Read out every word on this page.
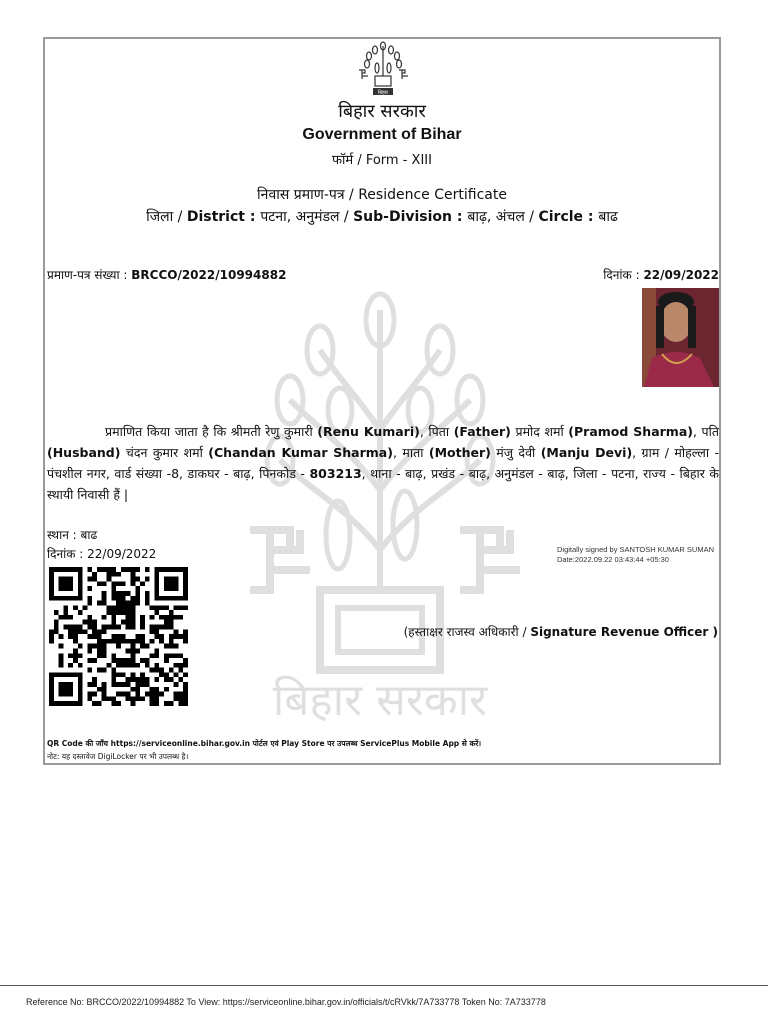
बिहार सरकार
बिहार
बिहार सरकार
Government of Bihar
फॉर्म / Form - XIII
निवास प्रमाण-पत्र / Residence Certificate
जिला / District : पटना, अनुमंडल / Sub-Division : बाढ़, अंचल / Circle : बाढ
प्रमाण-पत्र संख्या : BRCCO/2022/10994882	दिनांक : 22/09/2022
प्रमाणित किया जाता है कि श्रीमती रेणु कुमारी (Renu Kumari), पिता (Father) प्रमोद शर्मा (Pramod Sharma), पति (Husband) चंदन कुमार शर्मा (Chandan Kumar Sharma), माता (Mother) मंजु देवी (Manju Devi), ग्राम / मोहल्ला - पंचशील नगर, वार्ड संख्या -8, डाकघर - बाढ़, पिनकोड - 803213, थाना - बाढ़, प्रखंड - बाढ़, अनुमंडल - बाढ़, जिला - पटना, राज्य - बिहार के स्थायी निवासी हैं |
स्थान : बाढ
दिनांक : 22/09/2022	Digitally signed by SANTOSH KUMAR SUMAN
Date:2022.09.22 03:43:44 +05:30
(हस्ताक्षर राजस्व अधिकारी / Signature Revenue Officer )
QR Code की जाँच https://serviceonline.bihar.gov.in पोर्टल एवं Play Store पर उपलब्ध ServicePlus Mobile App से करें।
नोट: यह दस्तावेज DigiLocker पर भी उपलब्ध है।
Reference No: BRCCO/2022/10994882 To View: https://serviceonline.bihar.gov.in/officials/t/cRVkk/7A733778 Token No: 7A733778
